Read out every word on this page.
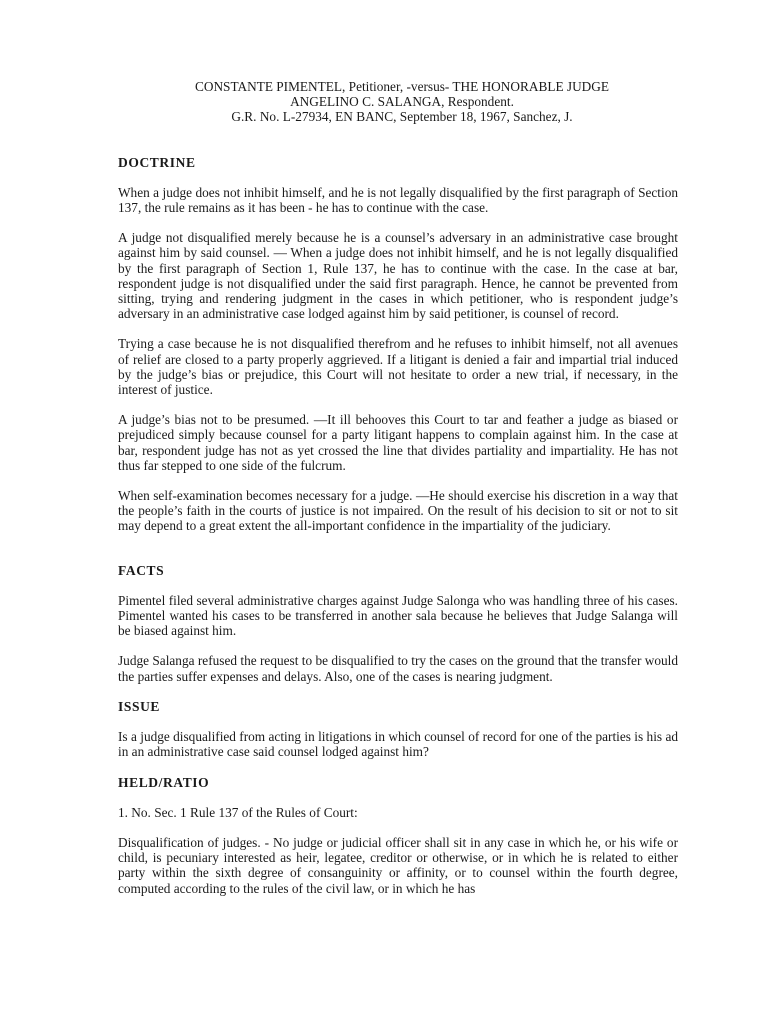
CONSTANTE PIMENTEL, Petitioner, -versus- THE HONORABLE JUDGE

ANGELINO C. SALANGA, Respondent.

G.R. No. L-27934, EN BANC, September 18, 1967, Sanchez, J.

DOCTRINE

When a judge does not inhibit himself, and he is not legally disqualified by the first paragraph of Section 137, the rule remains as it has been - he has to continue with the case.

A judge not disqualified merely because he is a counsel’s adversary in an administrative case brought against him by said counsel. — When a judge does not inhibit himself, and he is not legally disqualified by the first paragraph of Section 1, Rule 137, he has to continue with the case. In the case at bar, respondent judge is not disqualified under the said first paragraph. Hence, he cannot be prevented from sitting, trying and rendering judgment in the cases in which petitioner, who is respondent judge’s adversary in an administrative case lodged against him by said petitioner, is counsel of record.

Trying a case because he is not disqualified therefrom and he refuses to inhibit himself, not all avenues of relief are closed to a party properly aggrieved. If a litigant is denied a fair and impartial trial induced by the judge’s bias or prejudice, this Court will not hesitate to order a new trial, if necessary, in the interest of justice.

A judge’s bias not to be presumed. —It ill behooves this Court to tar and feather a judge as biased or prejudiced simply because counsel for a party litigant happens to complain against him. In the case at bar, respondent judge has not as yet crossed the line that divides partiality and impartiality. He has not thus far stepped to one side of the fulcrum.

When self-examination becomes necessary for a judge. —He should exercise his discretion in a way that the people’s faith in the courts of justice is not impaired. On the result of his decision to sit or not to sit may depend to a great extent the all-important confidence in the impartiality of the judiciary.

FACTS

Pimentel filed several administrative charges against Judge Salonga who was handling three of his cases. Pimentel wanted his cases to be transferred in another sala because he believes that Judge Salanga will be biased against him.

Judge Salanga refused the request to be disqualified to try the cases on the ground that the transfer would the parties suffer expenses and delays. Also, one of the cases is nearing judgment.

ISSUE

Is a judge disqualified from acting in litigations in which counsel of record for one of the parties is his ad in an administrative case said counsel lodged against him?

HELD/RATIO

1. No. Sec. 1 Rule 137 of the Rules of Court:

Disqualification of judges. - No judge or judicial officer shall sit in any case in which he, or his wife or child, is pecuniary interested as heir, legatee, creditor or otherwise, or in which he is related to either party within the sixth degree of consanguinity or affinity, or to counsel within the fourth degree, computed according to the rules of the civil law, or in which he has
